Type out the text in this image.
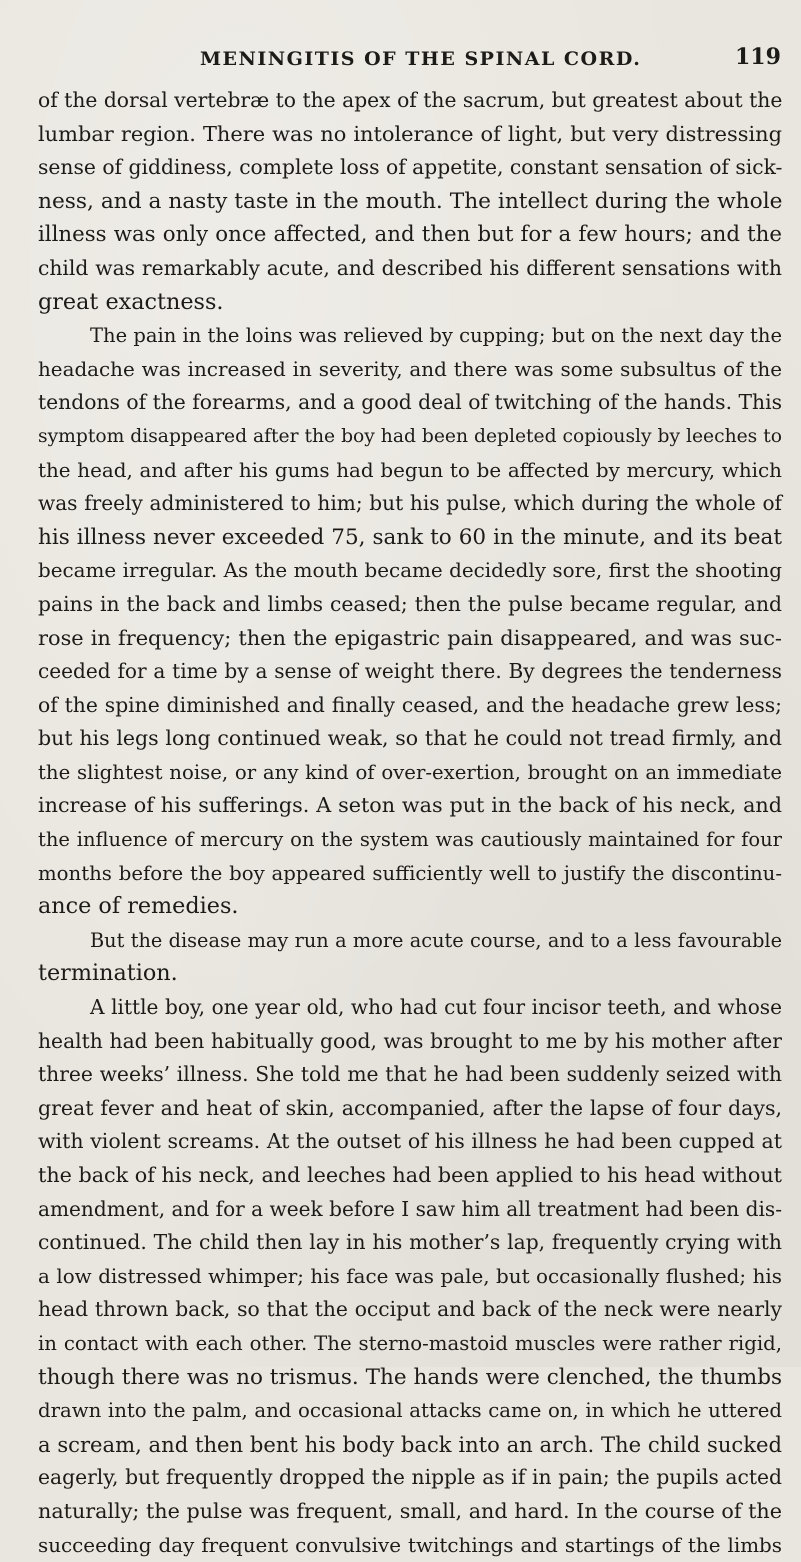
MENINGITIS OF THE SPINAL CORD.	119
of the dorsal vertebræ to the apex of the sacrum, but greatest about the
lumbar region. There was no intolerance of light, but very distressing
sense of giddiness, complete loss of appetite, constant sensation of sick-
ness, and a nasty taste in the mouth. The intellect during the whole
illness was only once affected, and then but for a few hours; and the
child was remarkably acute, and described his different sensations with
great exactness.
The pain in the loins was relieved by cupping; but on the next day the
headache was increased in severity, and there was some subsultus of the
tendons of the forearms, and a good deal of twitching of the hands. This
symptom disappeared after the boy had been depleted copiously by leeches to
the head, and after his gums had begun to be affected by mercury, which
was freely administered to him; but his pulse, which during the whole of
his illness never exceeded 75, sank to 60 in the minute, and its beat
became irregular. As the mouth became decidedly sore, first the shooting
pains in the back and limbs ceased; then the pulse became regular, and
rose in frequency; then the epigastric pain disappeared, and was suc-
ceeded for a time by a sense of weight there. By degrees the tenderness
of the spine diminished and finally ceased, and the headache grew less;
but his legs long continued weak, so that he could not tread firmly, and
the slightest noise, or any kind of over-exertion, brought on an immediate
increase of his sufferings. A seton was put in the back of his neck, and
the influence of mercury on the system was cautiously maintained for four
months before the boy appeared sufficiently well to justify the discontinu-
ance of remedies.
But the disease may run a more acute course, and to a less favourable
termination.
A little boy, one year old, who had cut four incisor teeth, and whose
health had been habitually good, was brought to me by his mother after
three weeks’ illness. She told me that he had been suddenly seized with
great fever and heat of skin, accompanied, after the lapse of four days,
with violent screams. At the outset of his illness he had been cupped at
the back of his neck, and leeches had been applied to his head without
amendment, and for a week before I saw him all treatment had been dis-
continued. The child then lay in his mother’s lap, frequently crying with
a low distressed whimper; his face was pale, but occasionally flushed; his
head thrown back, so that the occiput and back of the neck were nearly
in contact with each other. The sterno-mastoid muscles were rather rigid,
though there was no trismus. The hands were clenched, the thumbs
drawn into the palm, and occasional attacks came on, in which he uttered
a scream, and then bent his body back into an arch. The child sucked
eagerly, but frequently dropped the nipple as if in pain; the pupils acted
naturally; the pulse was frequent, small, and hard. In the course of the
succeeding day frequent convulsive twitchings and startings of the limbs
